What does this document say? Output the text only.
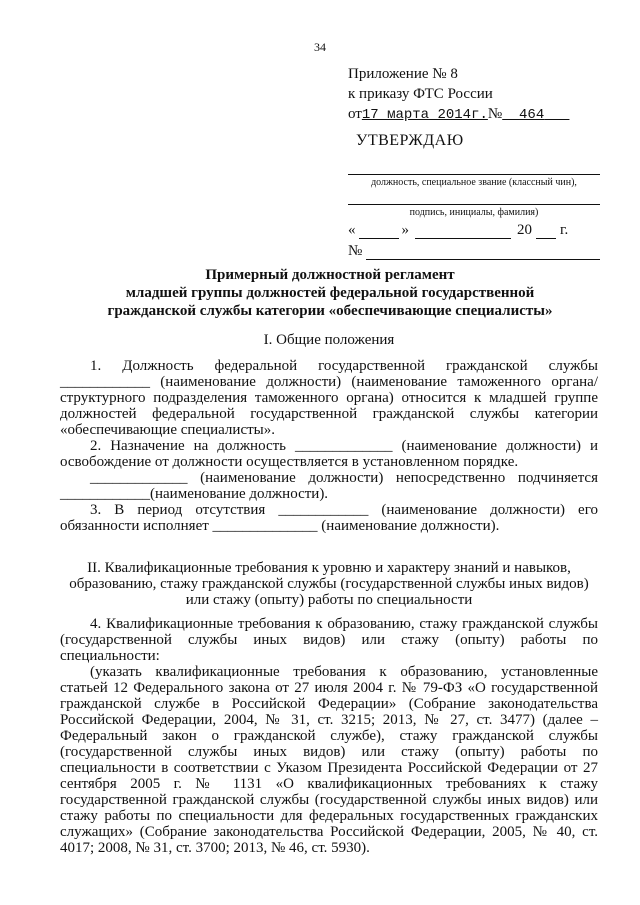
34
Приложение № 8
к приказу ФТС России
от17 марта 2014г.№ 464
УТВЕРЖДАЮ
должность, специальное звание (классный чин),
подпись, инициалы, фамилия)
«	»	20 г.
№
Примерный должностной регламент
младшей группы должностей федеральной государственной
гражданской службы категории «обеспечивающие специалисты»

I. Общие положения

1. Должность федеральной государственной гражданской службы ____________ (наименование должности) (наименование таможенного органа/ структурного подразделения таможенного органа) относится к младшей группе должностей федеральной государственной гражданской службы категории «обеспечивающие специалисты».

2. Назначение на должность _____________ (наименование должности) и освобождение от должности осуществляется в установленном порядке.

_____________ (наименование должности) непосредственно подчиняется ____________(наименование должности).

3. В период отсутствия ____________ (наименование должности) его обязанности исполняет ______________ (наименование должности).

II. Квалификационные требования к уровню и характеру знаний и навыков,
образованию, стажу гражданской службы (государственной службы иных видов)
или стажу (опыту) работы по специальности

4. Квалификационные требования к образованию, стажу гражданской службы (государственной службы иных видов) или стажу (опыту) работы по специальности:

(указать квалификационные требования к образованию, установленные статьей 12 Федерального закона от 27 июля 2004 г. № 79-ФЗ «О государственной гражданской службе в Российской Федерации» (Собрание законодательства Российской Федерации, 2004, № 31, ст. 3215; 2013, № 27, ст. 3477) (далее – Федеральный закон о гражданской службе), стажу гражданской службы (государственной службы иных видов) или стажу (опыту) работы по специальности в соответствии с Указом Президента Российской Федерации от 27 сентября 2005 г. № 1131 «О квалификационных требованиях к стажу государственной гражданской службы (государственной службы иных видов) или стажу работы по специальности для федеральных государственных гражданских служащих» (Собрание законодательства Российской Федерации, 2005, № 40, ст. 4017; 2008, № 31, ст. 3700; 2013, № 46, ст. 5930).
